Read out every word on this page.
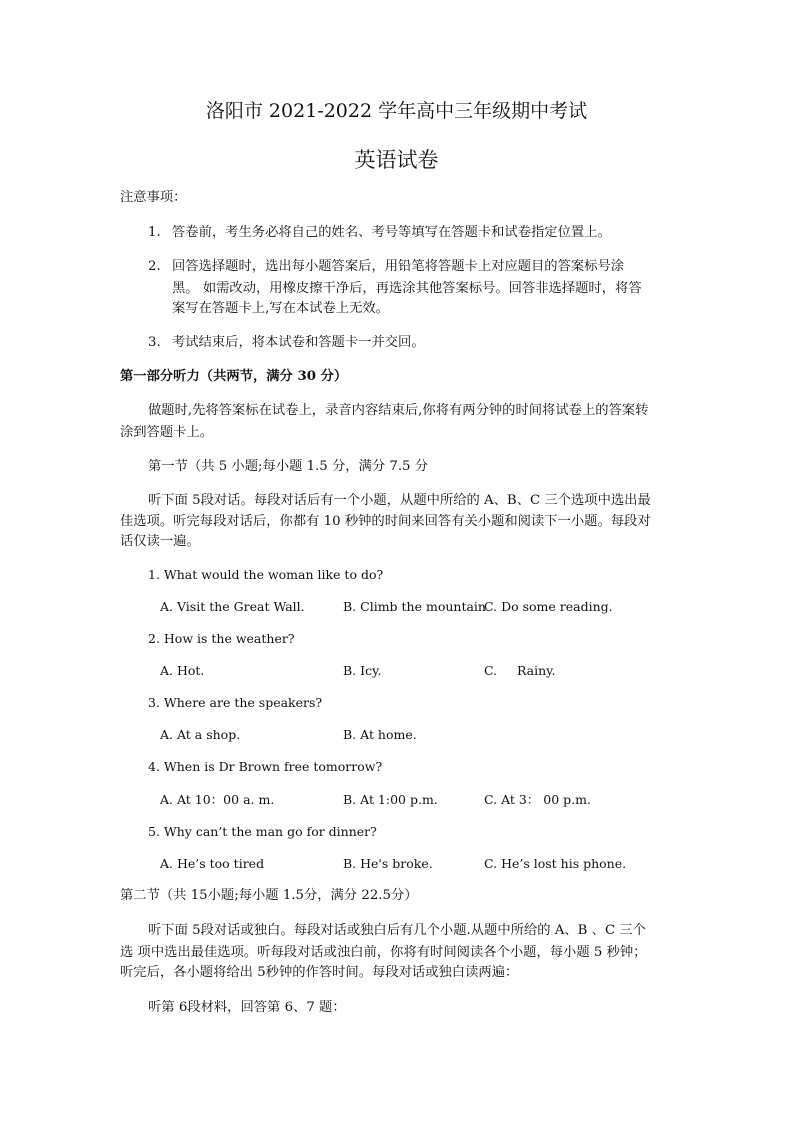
洛阳市 2021-2022 学年高中三年级期中考试
英语试卷
注意事项：
1. 答卷前，考生务必将自己的姓名、考号等填写在答题卡和试卷指定位置上。
2. 回答选择题时，选出每小题答案后，用铅笔将答题卡上对应题目的答案标号涂
黑。 如需改动，用橡皮擦干净后，再选涂其他答案标号。回答非选择题时，将答
案写在答题卡上,写在本试卷上无效。
3. 考试结束后，将本试卷和答题卡一并交回。
第一部分听力（共两节，满分 30 分）
做题时,先将答案标在试卷上，录音内容结束后,你将有两分钟的时间将试卷上的答案转
涂到答题卡上。
第一节（共 5 小题;每小题 1.5 分，满分 7.5 分
听下面 5段对话。每段对话后有一个小题，从题中所给的 A、B、C 三个选项中选出最
佳选项。听完每段对话后，你都有 10 秒钟的时间来回答有关小题和阅读下一小题。每段对
话仅读一遍。
1. What would the woman like to do?
A. Visit the Great Wall.	B. Climb the mountain
C. Do some reading.
2. How is the weather?
A. Hot.	B. Icy.	C.     Rainy.
3. Where are the speakers?
A. At a shop.	B. At home.
4. When is Dr Brown free tomorrow?
A. At 10：00 a. m.	B. At 1:00 p.m.	C. At 3： 00 p.m.
5. Why can’t the man go for dinner?
A. He’s too tired	B. He's broke.	C. He’s lost his phone.
第二节（共 15小题;每小题 1.5分，满分 22.5分）
听下面 5段对话或独白。每段对话或独白后有几个小题.从题中所给的 A、B 、C 三个
选 项中选出最佳选项。听每段对话或浊白前，你将有时间阅读各个小题，每小题 5 秒钟；
听完后，各小题将给出 5秒钟的作答时间。每段对话或独白读两遍：
听第 6段材料，回答第 6、7 题：
